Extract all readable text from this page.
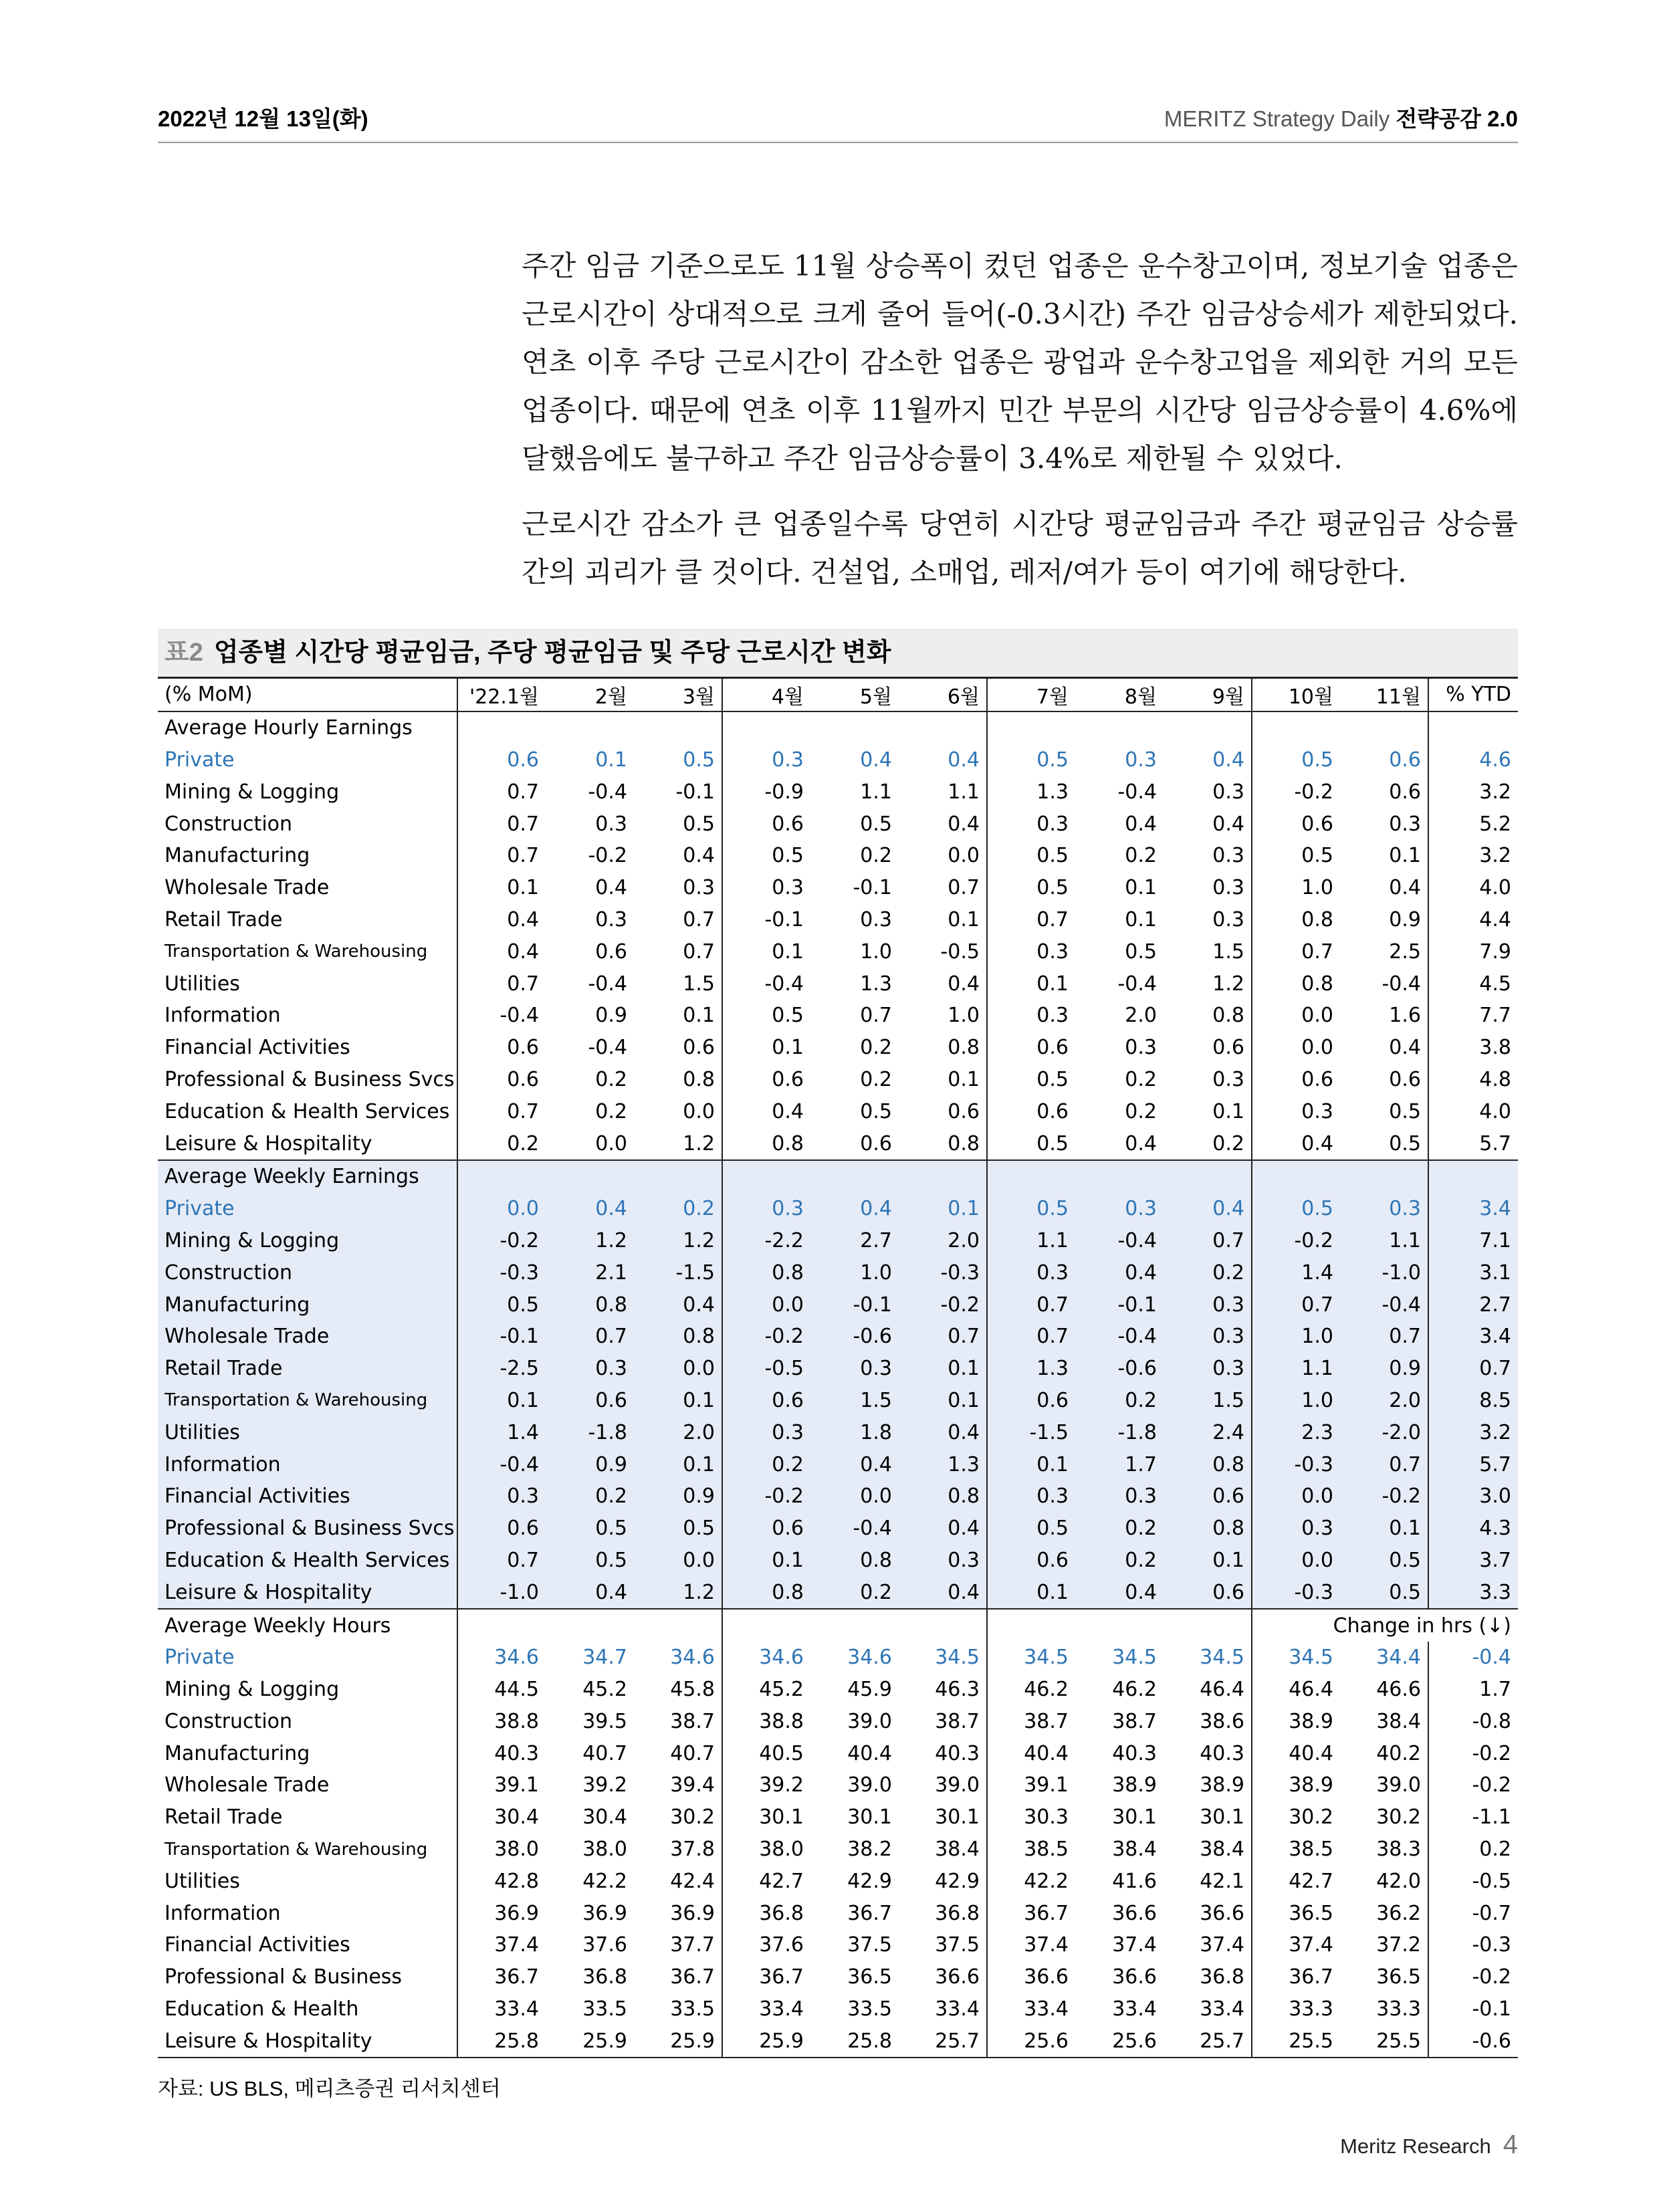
2022년 12월 13일(화)	MERITZ Strategy Daily 전략공감 2.0
주간 임금 기준으로도 11월 상승폭이 컸던 업종은 운수창고이며, 정보기술 업종은 근로시간이 상대적으로 크게 줄어 들어(-0.3시간) 주간 임금상승세가 제한되었다. 연초 이후 주당 근로시간이 감소한 업종은 광업과 운수창고업을 제외한 거의 모든 업종이다. 때문에 연초 이후 11월까지 민간 부문의 시간당 임금상승률이 4.6%에 달했음에도 불구하고 주간 임금상승률이 3.4%로 제한될 수 있었다.
근로시간 감소가 큰 업종일수록 당연히 시간당 평균임금과 주간 평균임금 상승률 간의 괴리가 클 것이다. 건설업, 소매업, 레저/여가 등이 여기에 해당한다.
표2 업종별 시간당 평균임금, 주당 평균임금 및 주당 근로시간 변화
(% MoM)	'22.1월	2월	3월	4월	5월	6월	7월	8월	9월	10월	11월	% YTD
Average Hourly Earnings												
Private	0.6	0.1	0.5	0.3	0.4	0.4	0.5	0.3	0.4	0.5	0.6	4.6
Mining & Logging	0.7	-0.4	-0.1	-0.9	1.1	1.1	1.3	-0.4	0.3	-0.2	0.6	3.2
Construction	0.7	0.3	0.5	0.6	0.5	0.4	0.3	0.4	0.4	0.6	0.3	5.2
Manufacturing	0.7	-0.2	0.4	0.5	0.2	0.0	0.5	0.2	0.3	0.5	0.1	3.2
Wholesale Trade	0.1	0.4	0.3	0.3	-0.1	0.7	0.5	0.1	0.3	1.0	0.4	4.0
Retail Trade	0.4	0.3	0.7	-0.1	0.3	0.1	0.7	0.1	0.3	0.8	0.9	4.4
Transportation & Warehousing	0.4	0.6	0.7	0.1	1.0	-0.5	0.3	0.5	1.5	0.7	2.5	7.9
Utilities	0.7	-0.4	1.5	-0.4	1.3	0.4	0.1	-0.4	1.2	0.8	-0.4	4.5
Information	-0.4	0.9	0.1	0.5	0.7	1.0	0.3	2.0	0.8	0.0	1.6	7.7
Financial Activities	0.6	-0.4	0.6	0.1	0.2	0.8	0.6	0.3	0.6	0.0	0.4	3.8
Professional & Business Svcs	0.6	0.2	0.8	0.6	0.2	0.1	0.5	0.2	0.3	0.6	0.6	4.8
Education & Health Services	0.7	0.2	0.0	0.4	0.5	0.6	0.6	0.2	0.1	0.3	0.5	4.0
Leisure & Hospitality	0.2	0.0	1.2	0.8	0.6	0.8	0.5	0.4	0.2	0.4	0.5	5.7
Average Weekly Earnings												
Private	0.0	0.4	0.2	0.3	0.4	0.1	0.5	0.3	0.4	0.5	0.3	3.4
Mining & Logging	-0.2	1.2	1.2	-2.2	2.7	2.0	1.1	-0.4	0.7	-0.2	1.1	7.1
Construction	-0.3	2.1	-1.5	0.8	1.0	-0.3	0.3	0.4	0.2	1.4	-1.0	3.1
Manufacturing	0.5	0.8	0.4	0.0	-0.1	-0.2	0.7	-0.1	0.3	0.7	-0.4	2.7
Wholesale Trade	-0.1	0.7	0.8	-0.2	-0.6	0.7	0.7	-0.4	0.3	1.0	0.7	3.4
Retail Trade	-2.5	0.3	0.0	-0.5	0.3	0.1	1.3	-0.6	0.3	1.1	0.9	0.7
Transportation & Warehousing	0.1	0.6	0.1	0.6	1.5	0.1	0.6	0.2	1.5	1.0	2.0	8.5
Utilities	1.4	-1.8	2.0	0.3	1.8	0.4	-1.5	-1.8	2.4	2.3	-2.0	3.2
Information	-0.4	0.9	0.1	0.2	0.4	1.3	0.1	1.7	0.8	-0.3	0.7	5.7
Financial Activities	0.3	0.2	0.9	-0.2	0.0	0.8	0.3	0.3	0.6	0.0	-0.2	3.0
Professional & Business Svcs	0.6	0.5	0.5	0.6	-0.4	0.4	0.5	0.2	0.8	0.3	0.1	4.3
Education & Health Services	0.7	0.5	0.0	0.1	0.8	0.3	0.6	0.2	0.1	0.0	0.5	3.7
Leisure & Hospitality	-1.0	0.4	1.2	0.8	0.2	0.4	0.1	0.4	0.6	-0.3	0.5	3.3
Average Weekly Hours										Change in hrs (↓)		
Private	34.6	34.7	34.6	34.6	34.6	34.5	34.5	34.5	34.5	34.5	34.4	-0.4
Mining & Logging	44.5	45.2	45.8	45.2	45.9	46.3	46.2	46.2	46.4	46.4	46.6	1.7
Construction	38.8	39.5	38.7	38.8	39.0	38.7	38.7	38.7	38.6	38.9	38.4	-0.8
Manufacturing	40.3	40.7	40.7	40.5	40.4	40.3	40.4	40.3	40.3	40.4	40.2	-0.2
Wholesale Trade	39.1	39.2	39.4	39.2	39.0	39.0	39.1	38.9	38.9	38.9	39.0	-0.2
Retail Trade	30.4	30.4	30.2	30.1	30.1	30.1	30.3	30.1	30.1	30.2	30.2	-1.1
Transportation & Warehousing	38.0	38.0	37.8	38.0	38.2	38.4	38.5	38.4	38.4	38.5	38.3	0.2
Utilities	42.8	42.2	42.4	42.7	42.9	42.9	42.2	41.6	42.1	42.7	42.0	-0.5
Information	36.9	36.9	36.9	36.8	36.7	36.8	36.7	36.6	36.6	36.5	36.2	-0.7
Financial Activities	37.4	37.6	37.7	37.6	37.5	37.5	37.4	37.4	37.4	37.4	37.2	-0.3
Professional & Business	36.7	36.8	36.7	36.7	36.5	36.6	36.6	36.6	36.8	36.7	36.5	-0.2
Education & Health	33.4	33.5	33.5	33.4	33.5	33.4	33.4	33.4	33.4	33.3	33.3	-0.1
Leisure & Hospitality	25.8	25.9	25.9	25.9	25.8	25.7	25.6	25.6	25.7	25.5	25.5	-0.6
자료: US BLS, 메리츠증권 리서치센터
Meritz Research 4
